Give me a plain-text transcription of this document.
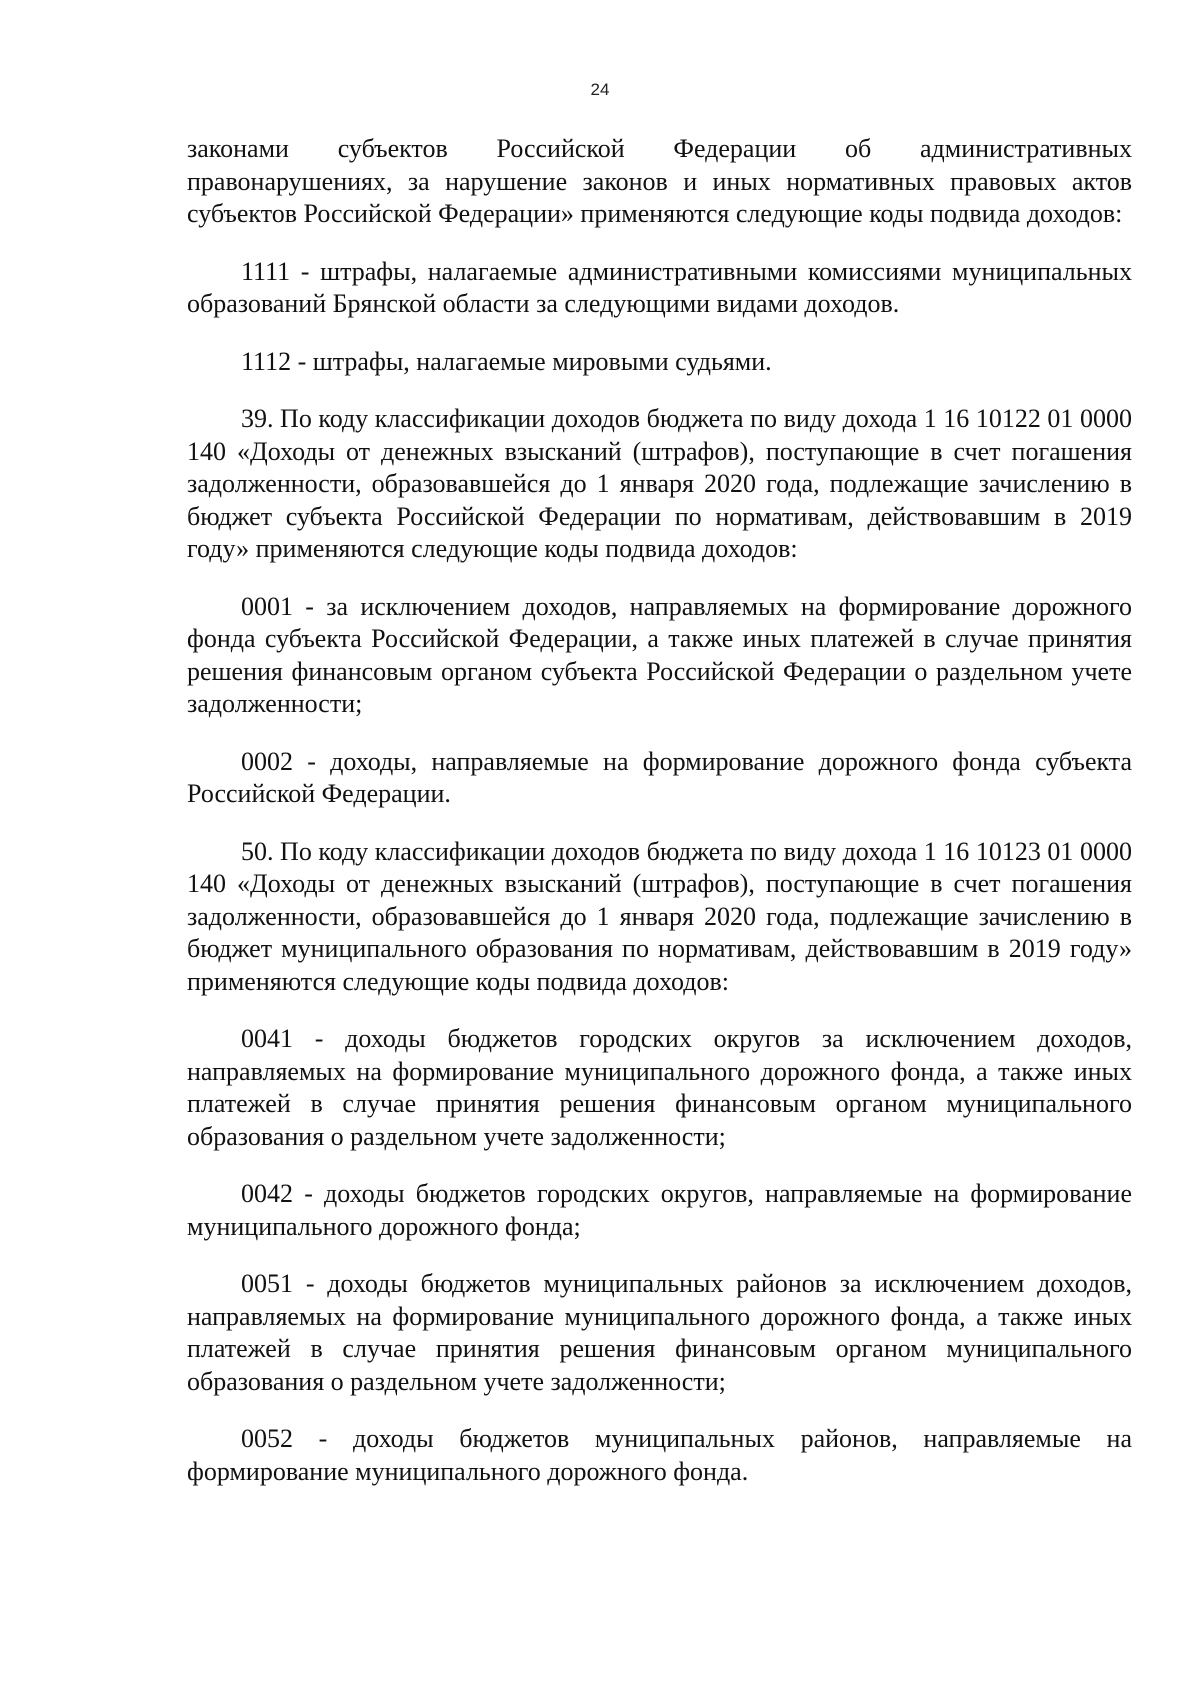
24

законами субъектов Российской Федерации об административных правонарушениях, за нарушение законов и иных нормативных правовых актов субъектов Российской Федерации» применяются следующие коды подвида доходов:

1111 - штрафы, налагаемые административными комиссиями муниципальных образований Брянской области за следующими видами доходов.

1112 - штрафы, налагаемые мировыми судьями.

39. По коду классификации доходов бюджета по виду дохода 1 16 10122 01 0000 140 «Доходы от денежных взысканий (штрафов), поступающие в счет погашения задолженности, образовавшейся до 1 января 2020 года, подлежащие зачислению в бюджет субъекта Российской Федерации по нормативам, действовавшим в 2019 году» применяются следующие коды подвида доходов:

0001 - за исключением доходов, направляемых на формирование дорожного фонда субъекта Российской Федерации, а также иных платежей в случае принятия решения финансовым органом субъекта Российской Федерации о раздельном учете задолженности;

0002 - доходы, направляемые на формирование дорожного фонда субъекта Российской Федерации.

50. По коду классификации доходов бюджета по виду дохода 1 16 10123 01 0000 140 «Доходы от денежных взысканий (штрафов), поступающие в счет погашения задолженности, образовавшейся до 1 января 2020 года, подлежащие зачислению в бюджет муниципального образования по нормативам, действовавшим в 2019 году» применяются следующие коды подвида доходов:

0041 - доходы бюджетов городских округов за исключением доходов, направляемых на формирование муниципального дорожного фонда, а также иных платежей в случае принятия решения финансовым органом муниципального образования о раздельном учете задолженности;

0042 - доходы бюджетов городских округов, направляемые на формирование муниципального дорожного фонда;

0051 - доходы бюджетов муниципальных районов за исключением доходов, направляемых на формирование муниципального дорожного фонда, а также иных платежей в случае принятия решения финансовым органом муниципального образования о раздельном учете задолженности;

0052 - доходы бюджетов муниципальных районов, направляемые на формирование муниципального дорожного фонда.
